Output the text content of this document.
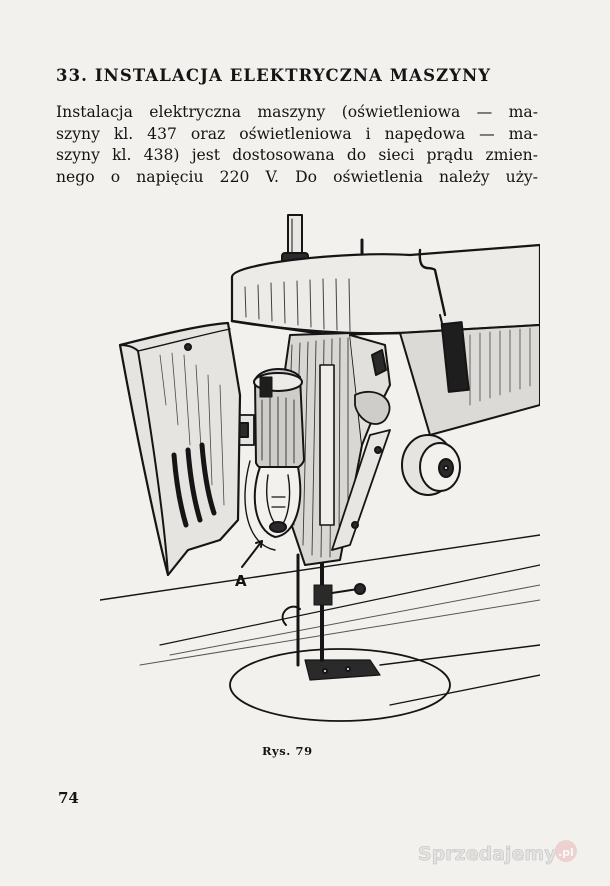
33. INSTALACJA ELEKTRYCZNA MASZYNY
Instalacja elektryczna maszyny (oświetleniowa — ma-
szyny kl. 437 oraz oświetleniowa i napędowa — ma-
szyny kl. 438) jest dostosowana do sieci prądu zmien-
nego o napięciu 220 V. Do oświetlenia należy uży-
A
Rys. 79
74
Sprzedajemy .pl
